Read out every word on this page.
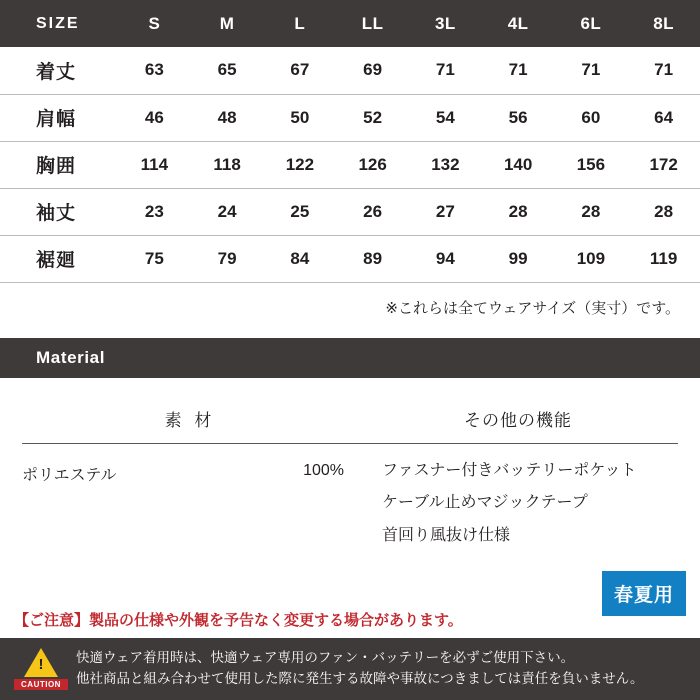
SIZE	S	M	L	LL	3L	4L	6L	8L
着丈	63	65	67	69	71	71	71	71
肩幅	46	48	50	52	54	56	60	64
胸囲	114	118	122	126	132	140	156	172
袖丈	23	24	25	26	27	28	28	28
裾廻	75	79	84	89	94	99	109	119
※これらは全てウェアサイズ（実寸）です。
Material
素 材
ポリエステル	100%
その他の機能
ファスナー付きバッテリーポケット
ケーブル止めマジックテープ
首回り風抜け仕様
春夏用
【ご注意】製品の仕様や外観を予告なく変更する場合があります。
!
CAUTION
快適ウェア着用時は、快適ウェア専用のファン・バッテリーを必ずご使用下さい。
他社商品と組み合わせて使用した際に発生する故障や事故につきましては責任を負いません。
